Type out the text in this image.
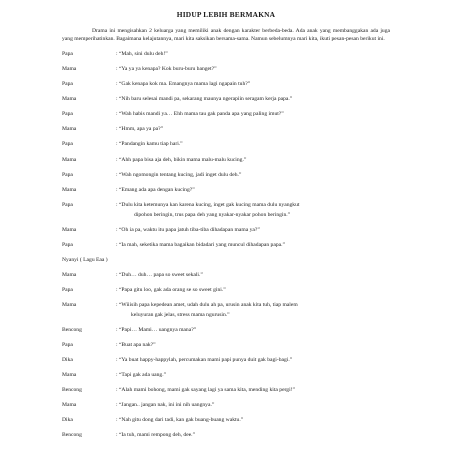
HIDUP LEBIH BERMAKNA
Drama ini mengisahkan 2 keluarga yang memiliki anak dengan karakter berbeda-beda. Ada anak yang membanggakan ada juga yang memperihatinkan. Bagaimana kelajutannya, mari kita saksikan bersama-sama. Namun sebelumnya mari kita, ikuti pesan-pesan berikut ini.
Papa	: “Mah, sini dulu deh!”
Mama	: “Ya ya ya kenapa? Kok buru-buru banget?”
Papa	: “Gak kenapa kok ma. Emangnya mama lagi ngapain tuh?”
Mama	: “Nih baru selesai mandi pa, sekarang maunya ngerapiin seragam kerja papa.”
Papa	: “Wah habis mandi ya… Ehh mama tau gak panda apa yang paling imut?”
Mama	: “Hmm, apa ya pa?”
Papa	: “Pandangin kamu tiap hari.”
Mama	: “Ahh papa bisa aja deh, bikin mama malu-malu kucing.”
Papa	: “Wah ngomongin tentang kucing, jadi inget dulu deh.”
Mama	: “Emang ada apa dengan kucing?”
Papa	: “Dulu kita ketemunya kan karena kucing, inget gak kucing mama dulu nyangkut
dipohon beringin, trus papa deh yang nyakar-nyakar pohon beringin.”
Mama	: “Oh ia pa, waktu itu papa jatuh tiba-tiba dihadapan mama ya?”
Papa	: “Ia mah, seketika mama bagaikan bidadari yang muncul dihadapan papa.”
Nyanyi ( Lagu Eaa )
Mama	: “Duh… duh… papa so sweet sekali.”
Papa	: “Papa gitu loo, gak ada orang se so sweet gini.”
Mama	: “Wiiisih papa kepedean amet, udah dulu ah pa, urusin anak kita tuh, tiap malem
keluyuran gak jelas, stress mama ngurusin.”
Bencong	: “Papi… Mami… uangnya mana?”
Papa	: “Buat apa nak?”
Dika	: “Ya buat happy-happylah, percumakan mami papi punya duit gak bagi-bagi.”
Mama	: “Tapi gak ada uang.”
Bencong	: “Alah mami bohong, mami gak sayang lagi ya sama kita, mending kita pergi!”
Mama	: “Jangan.. jangan nak, ini ini nih uangnya.”
Dika	: “Nah gitu dong dari tadi, kan gak buang-buang waktu.”
Bencong	: “Ia tuh, mami rempong deh, dee.”
